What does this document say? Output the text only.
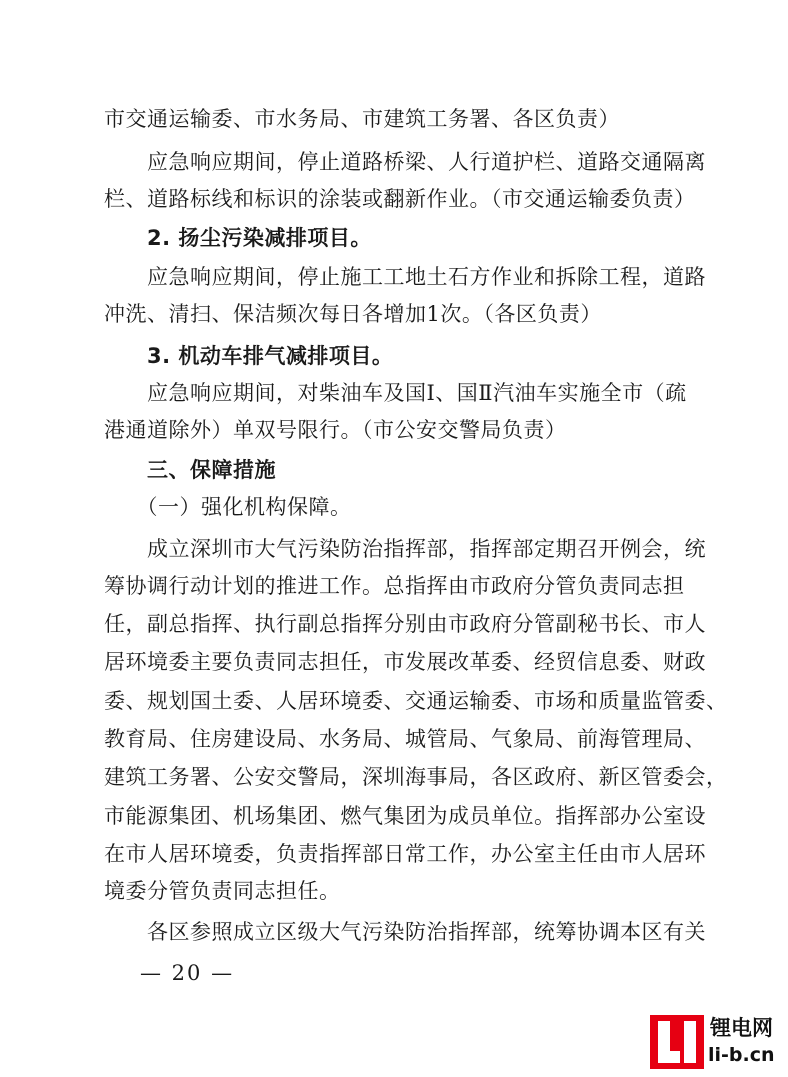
市交通运输委、市水务局、市建筑工务署、各区负责）
　　应急响应期间，停止道路桥梁、人行道护栏、道路交通隔离
栏、道路标线和标识的涂装或翻新作业。（市交通运输委负责）
　　2. 扬尘污染减排项目。
　　应急响应期间，停止施工工地土石方作业和拆除工程，道路
冲洗、清扫、保洁频次每日各增加1次。（各区负责）
　　3. 机动车排气减排项目。
　　应急响应期间，对柴油车及国Ⅰ、国Ⅱ汽油车实施全市（疏
港通道除外）单双号限行。（市公安交警局负责）
　　三、保障措施
　　（一）强化机构保障。
　　成立深圳市大气污染防治指挥部，指挥部定期召开例会，统
筹协调行动计划的推进工作。总指挥由市政府分管负责同志担
任，副总指挥、执行副总指挥分别由市政府分管副秘书长、市人
居环境委主要负责同志担任，市发展改革委、经贸信息委、财政
委、规划国土委、人居环境委、交通运输委、市场和质量监管委、
教育局、住房建设局、水务局、城管局、气象局、前海管理局、
建筑工务署、公安交警局，深圳海事局，各区政府、新区管委会，
市能源集团、机场集团、燃气集团为成员单位。指挥部办公室设
在市人居环境委，负责指挥部日常工作，办公室主任由市人居环
境委分管负责同志担任。
　　各区参照成立区级大气污染防治指挥部，统筹协调本区有关
— 20 —
锂电网
li-b.cn
